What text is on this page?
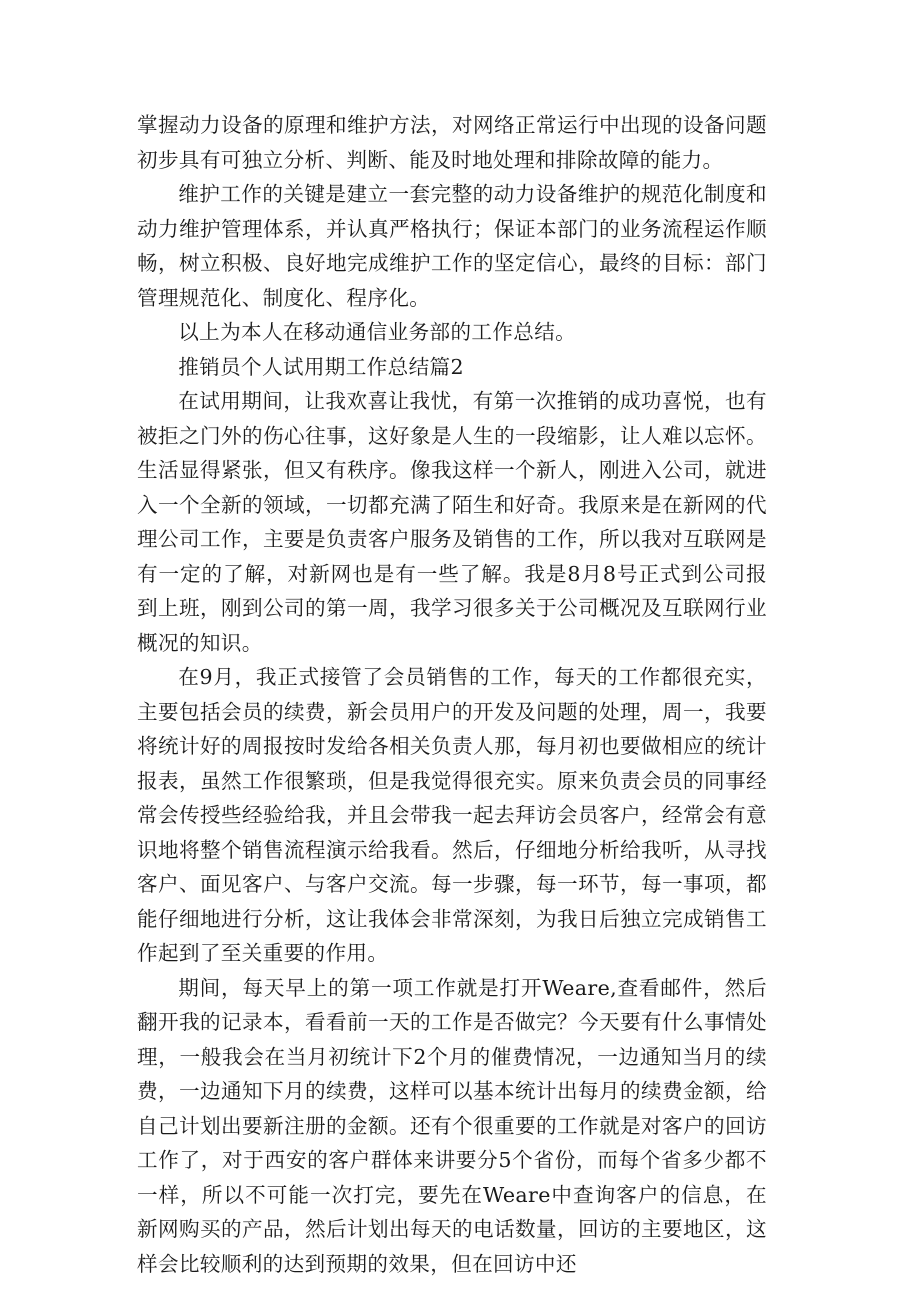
掌握动力设备的原理和维护方法，对网络正常运行中出现的设备问题初步具有可独立分析、判断、能及时地处理和排除故障的能力。

维护工作的关键是建立一套完整的动力设备维护的规范化制度和动力维护管理体系，并认真严格执行；保证本部门的业务流程运作顺畅，树立积极、良好地完成维护工作的坚定信心，最终的目标：部门管理规范化、制度化、程序化。

以上为本人在移动通信业务部的工作总结。

推销员个人试用期工作总结篇2

在试用期间，让我欢喜让我忧，有第一次推销的成功喜悦，也有被拒之门外的伤心往事，这好象是人生的一段缩影，让人难以忘怀。生活显得紧张，但又有秩序。像我这样一个新人，刚进入公司，就进入一个全新的领域，一切都充满了陌生和好奇。我原来是在新网的代理公司工作，主要是负责客户服务及销售的工作，所以我对互联网是有一定的了解，对新网也是有一些了解。我是8月8号正式到公司报到上班，刚到公司的第一周，我学习很多关于公司概况及互联网行业概况的知识。

在9月，我正式接管了会员销售的工作，每天的工作都很充实，主要包括会员的续费，新会员用户的开发及问题的处理，周一，我要将统计好的周报按时发给各相关负责人那，每月初也要做相应的统计报表，虽然工作很繁琐，但是我觉得很充实。原来负责会员的同事经常会传授些经验给我，并且会带我一起去拜访会员客户，经常会有意识地将整个销售流程演示给我看。然后，仔细地分析给我听，从寻找客户、面见客户、与客户交流。每一步骤，每一环节，每一事项，都能仔细地进行分析，这让我体会非常深刻，为我日后独立完成销售工作起到了至关重要的作用。

期间，每天早上的第一项工作就是打开Weare,查看邮件，然后翻开我的记录本，看看前一天的工作是否做完？今天要有什么事情处理，一般我会在当月初统计下2个月的催费情况，一边通知当月的续费，一边通知下月的续费，这样可以基本统计出每月的续费金额，给自己计划出要新注册的金额。还有个很重要的工作就是对客户的回访工作了，对于西安的客户群体来讲要分5个省份，而每个省多少都不一样，所以不可能一次打完，要先在Weare中查询客户的信息，在新网购买的产品，然后计划出每天的电话数量，回访的主要地区，这样会比较顺利的达到预期的效果，但在回访中还
